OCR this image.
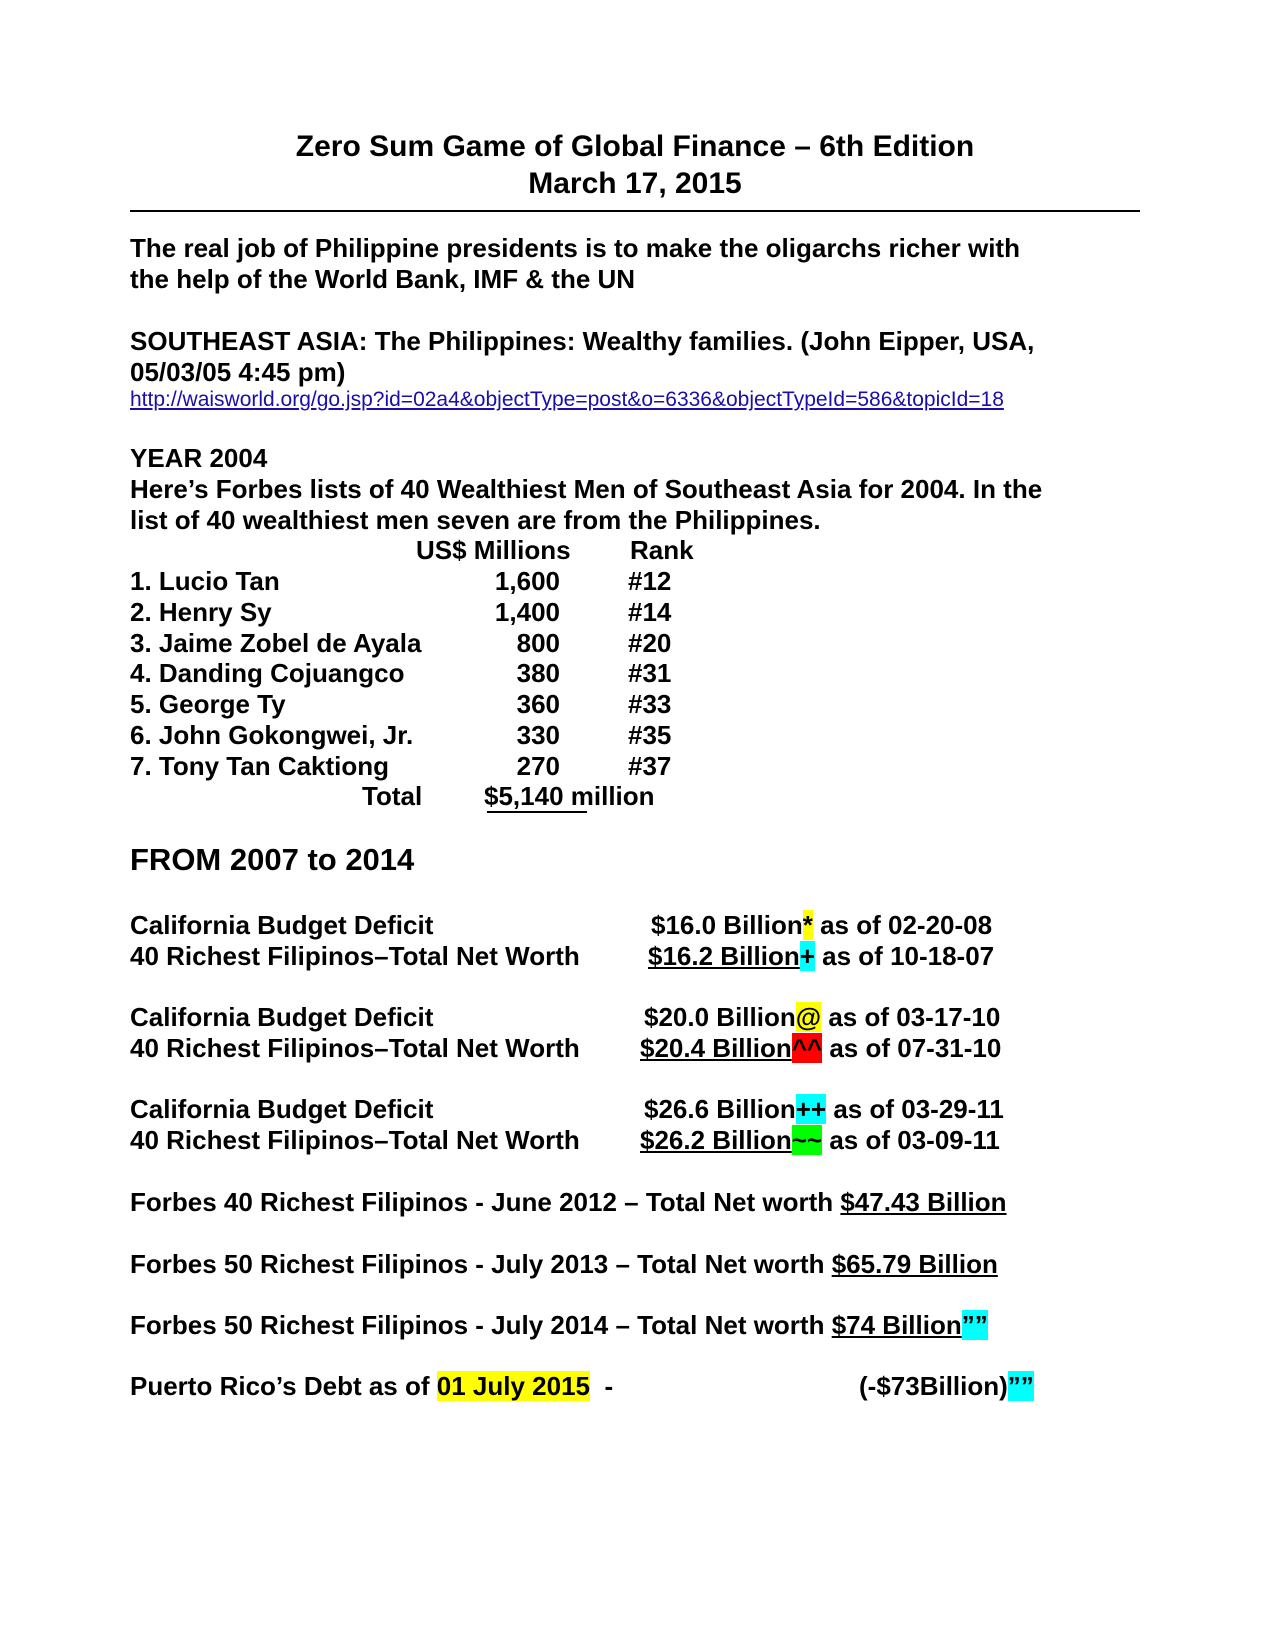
Zero Sum Game of Global Finance – 6th Edition
March 17, 2015
The real job of Philippine presidents is to make the oligarchs richer with
the help of the World Bank, IMF & the UN
SOUTHEAST ASIA: The Philippines: Wealthy families. (John Eipper, USA,
05/03/05 4:45 pm)
http://waisworld.org/go.jsp?id=02a4&objectType=post&o=6336&objectTypeId=586&topicId=18
YEAR 2004
Here’s Forbes lists of 40 Wealthiest Men of Southeast Asia for 2004. In the
list of 40 wealthiest men seven are from the Philippines.
US$ Millions Rank
1. Lucio Tan	1,600	#12
2. Henry Sy	1,400	#14
3. Jaime Zobel de Ayala	800	#20
4. Danding Cojuangco	380	#31
5. George Ty	360	#33
6. John Gokongwei, Jr.	330	#35
7. Tony Tan Caktiong	270	#37
Total $5,140 million
FROM 2007 to 2014
California Budget Deficit	$16.0 Billion* as of 02-20-08
40 Richest Filipinos–Total Net Worth	$16.2 Billion+ as of 10-18-07
California Budget Deficit	$20.0 Billion@ as of 03-17-10
40 Richest Filipinos–Total Net Worth $20.4 Billion^^ as of 07-31-10
California Budget Deficit	$26.6 Billion++ as of 03-29-11
40 Richest Filipinos–Total Net Worth $26.2 Billion~~ as of 03-09-11
Forbes 40 Richest Filipinos - June 2012 – Total Net worth $47.43 Billion
Forbes 50 Richest Filipinos - July 2013 – Total Net worth $65.79 Billion
Forbes 50 Richest Filipinos - July 2014 – Total Net worth $74 Billion””
Puerto Rico’s Debt as of 01 July 2015 -	(-$73Billion)””
